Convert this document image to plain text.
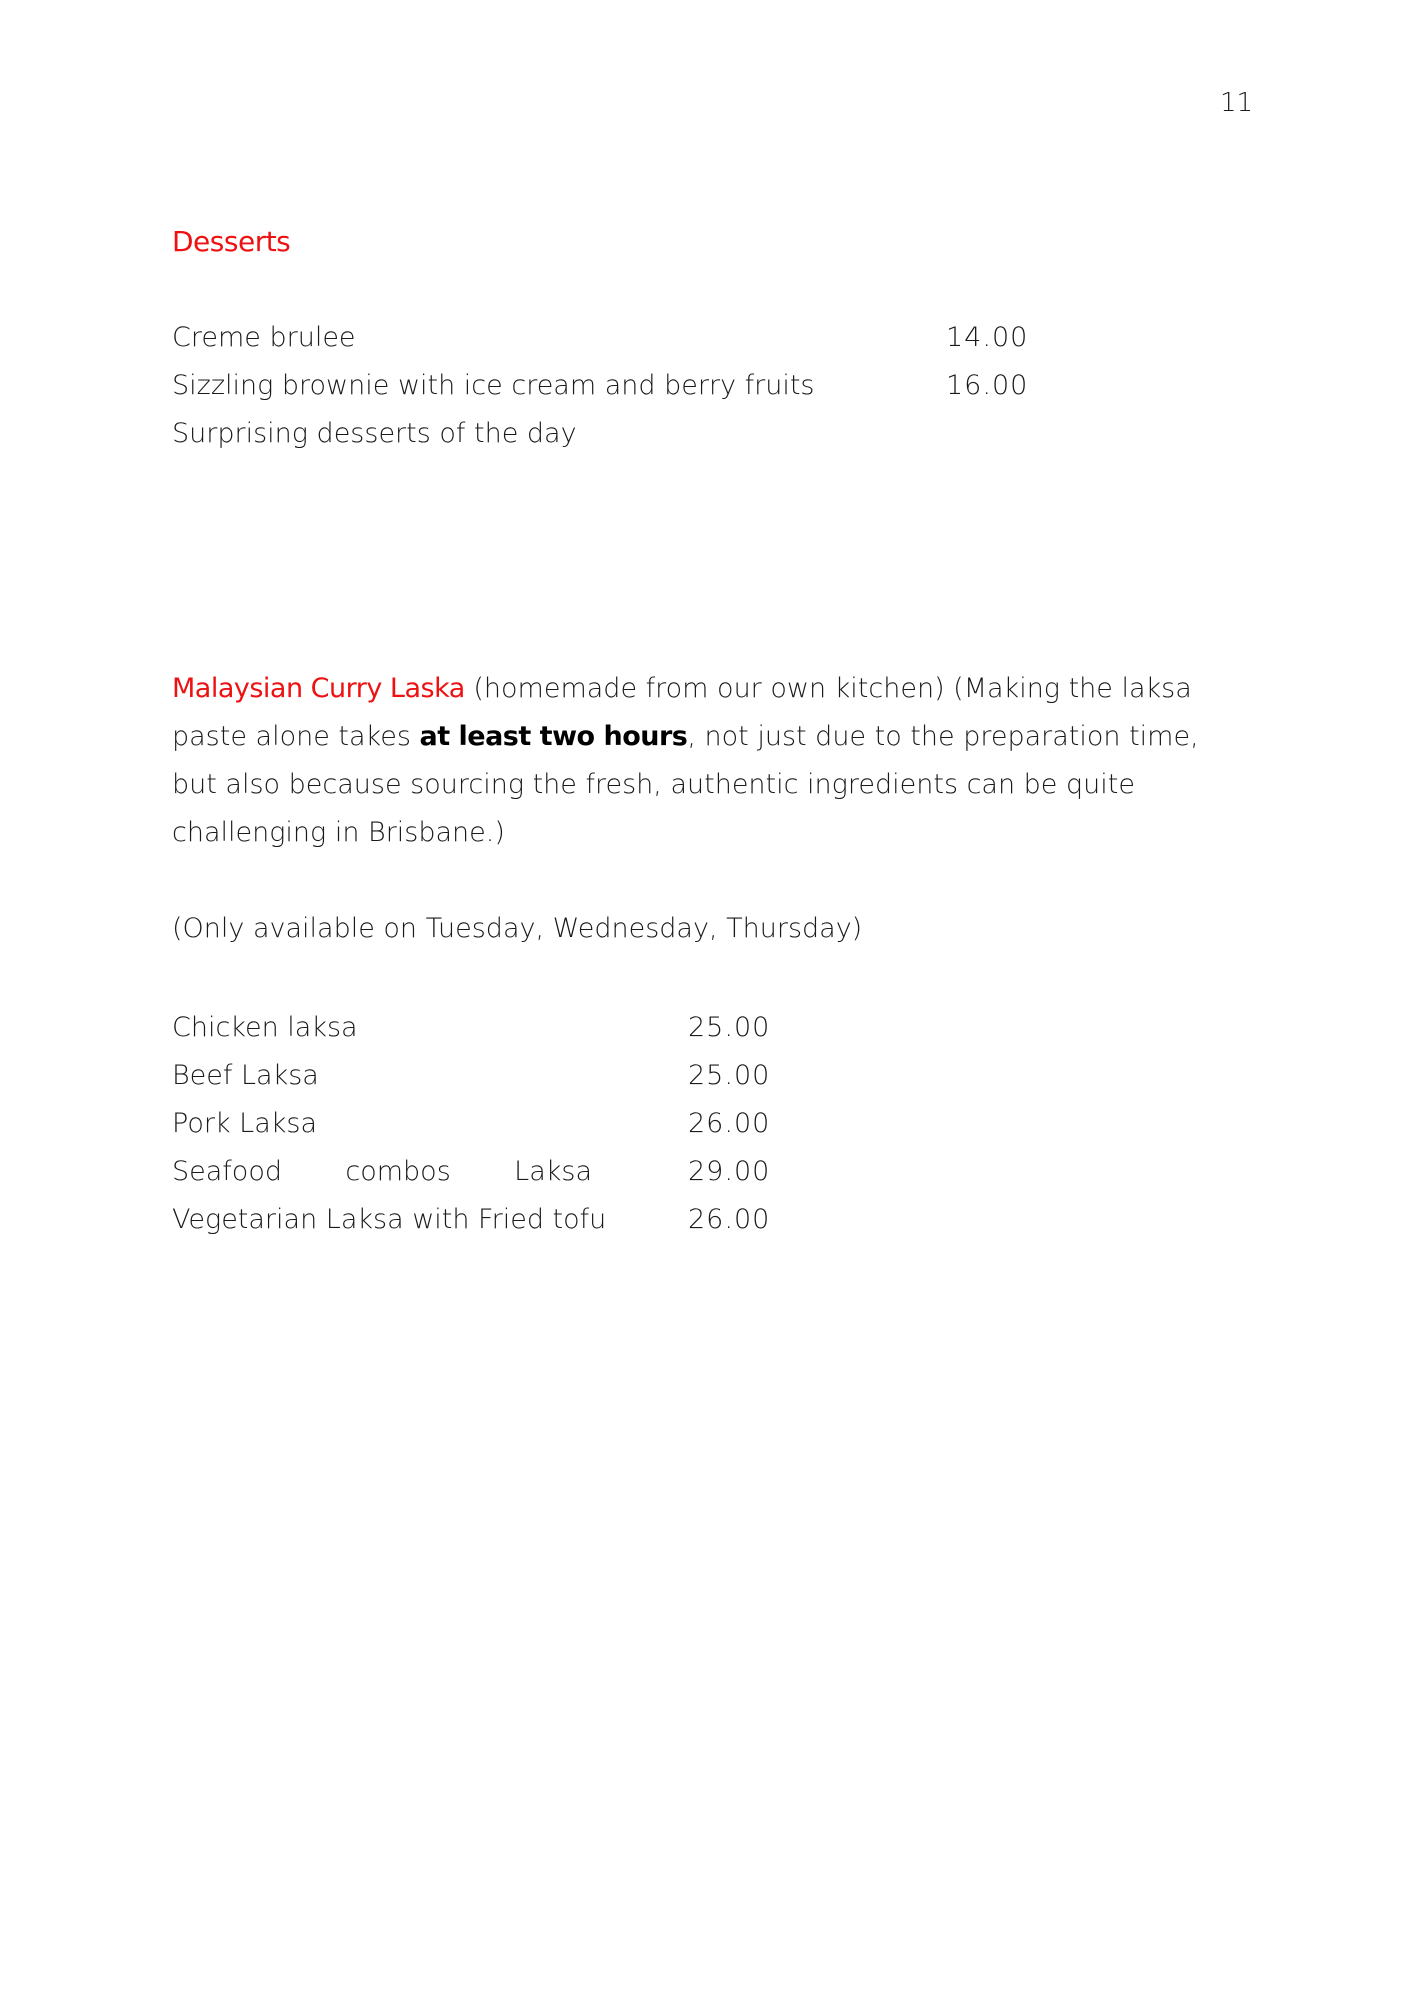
11
Desserts
Creme brulee	14.00
Sizzling brownie with ice cream and berry fruits	16.00
Surprising desserts of the day
Malaysian Curry Laska (homemade from our own kitchen) (Making the laksa paste alone takes at least two hours, not just due to the preparation time, but also because sourcing the fresh, authentic ingredients can be quite challenging in Brisbane.)
(Only available on Tuesday, Wednesday, Thursday)
Chicken laksa	25.00
Beef Laksa	25.00
Pork Laksa	26.00
Seafood combos Laksa	29.00
Vegetarian Laksa with Fried tofu	26.00
